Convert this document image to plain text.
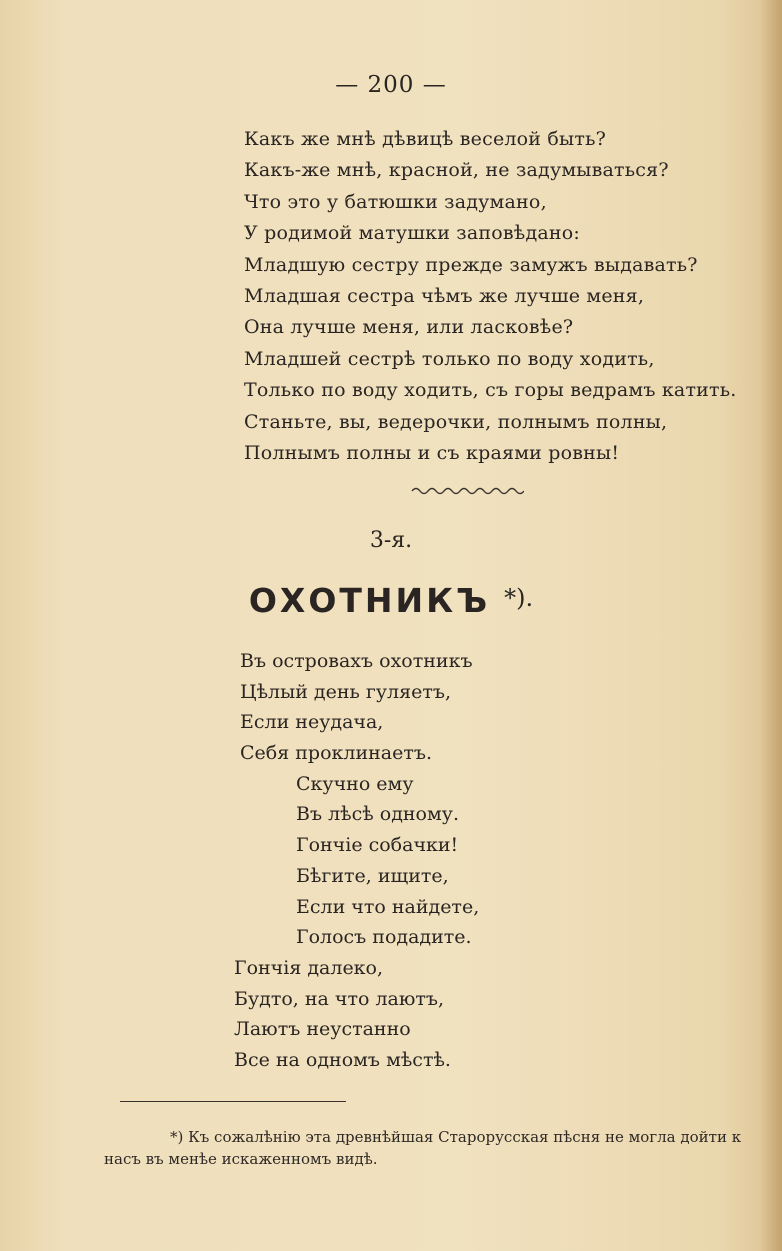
— 200 —
Какъ же мнѣ дѣвицѣ веселой быть?
Какъ-же мнѣ, красной, не задумываться?
Что это у батюшки задумано,
У родимой матушки заповѣдано:
Младшую сестру прежде замужъ выдавать?
Младшая сестра чѣмъ же лучше меня,
Она лучше меня, или ласковѣе?
Младшей сестрѣ только по воду ходить,
Только по воду ходить, съ горы ведрамъ катить.
Станьте, вы, ведерочки, полнымъ полны,
Полнымъ полны и съ краями ровны!
3-я.
ОХОТНИКЪ *).
Въ островахъ охотникъ
Цѣлый день гуляетъ,
Если неудача,
Себя проклинаетъ.
Скучно ему
Въ лѣсѣ одному.
Гончіе собачки!
Бѣгите, ищите,
Если что найдете,
Голосъ подадите.
Гончія далеко,
Будто, на что лаютъ,
Лаютъ неустанно
Все на одномъ мѣстѣ.
*) Къ сожалѣнію эта древнѣйшая Старорусская пѣсня не могла дойти к
насъ въ менѣе искаженномъ видѣ.
